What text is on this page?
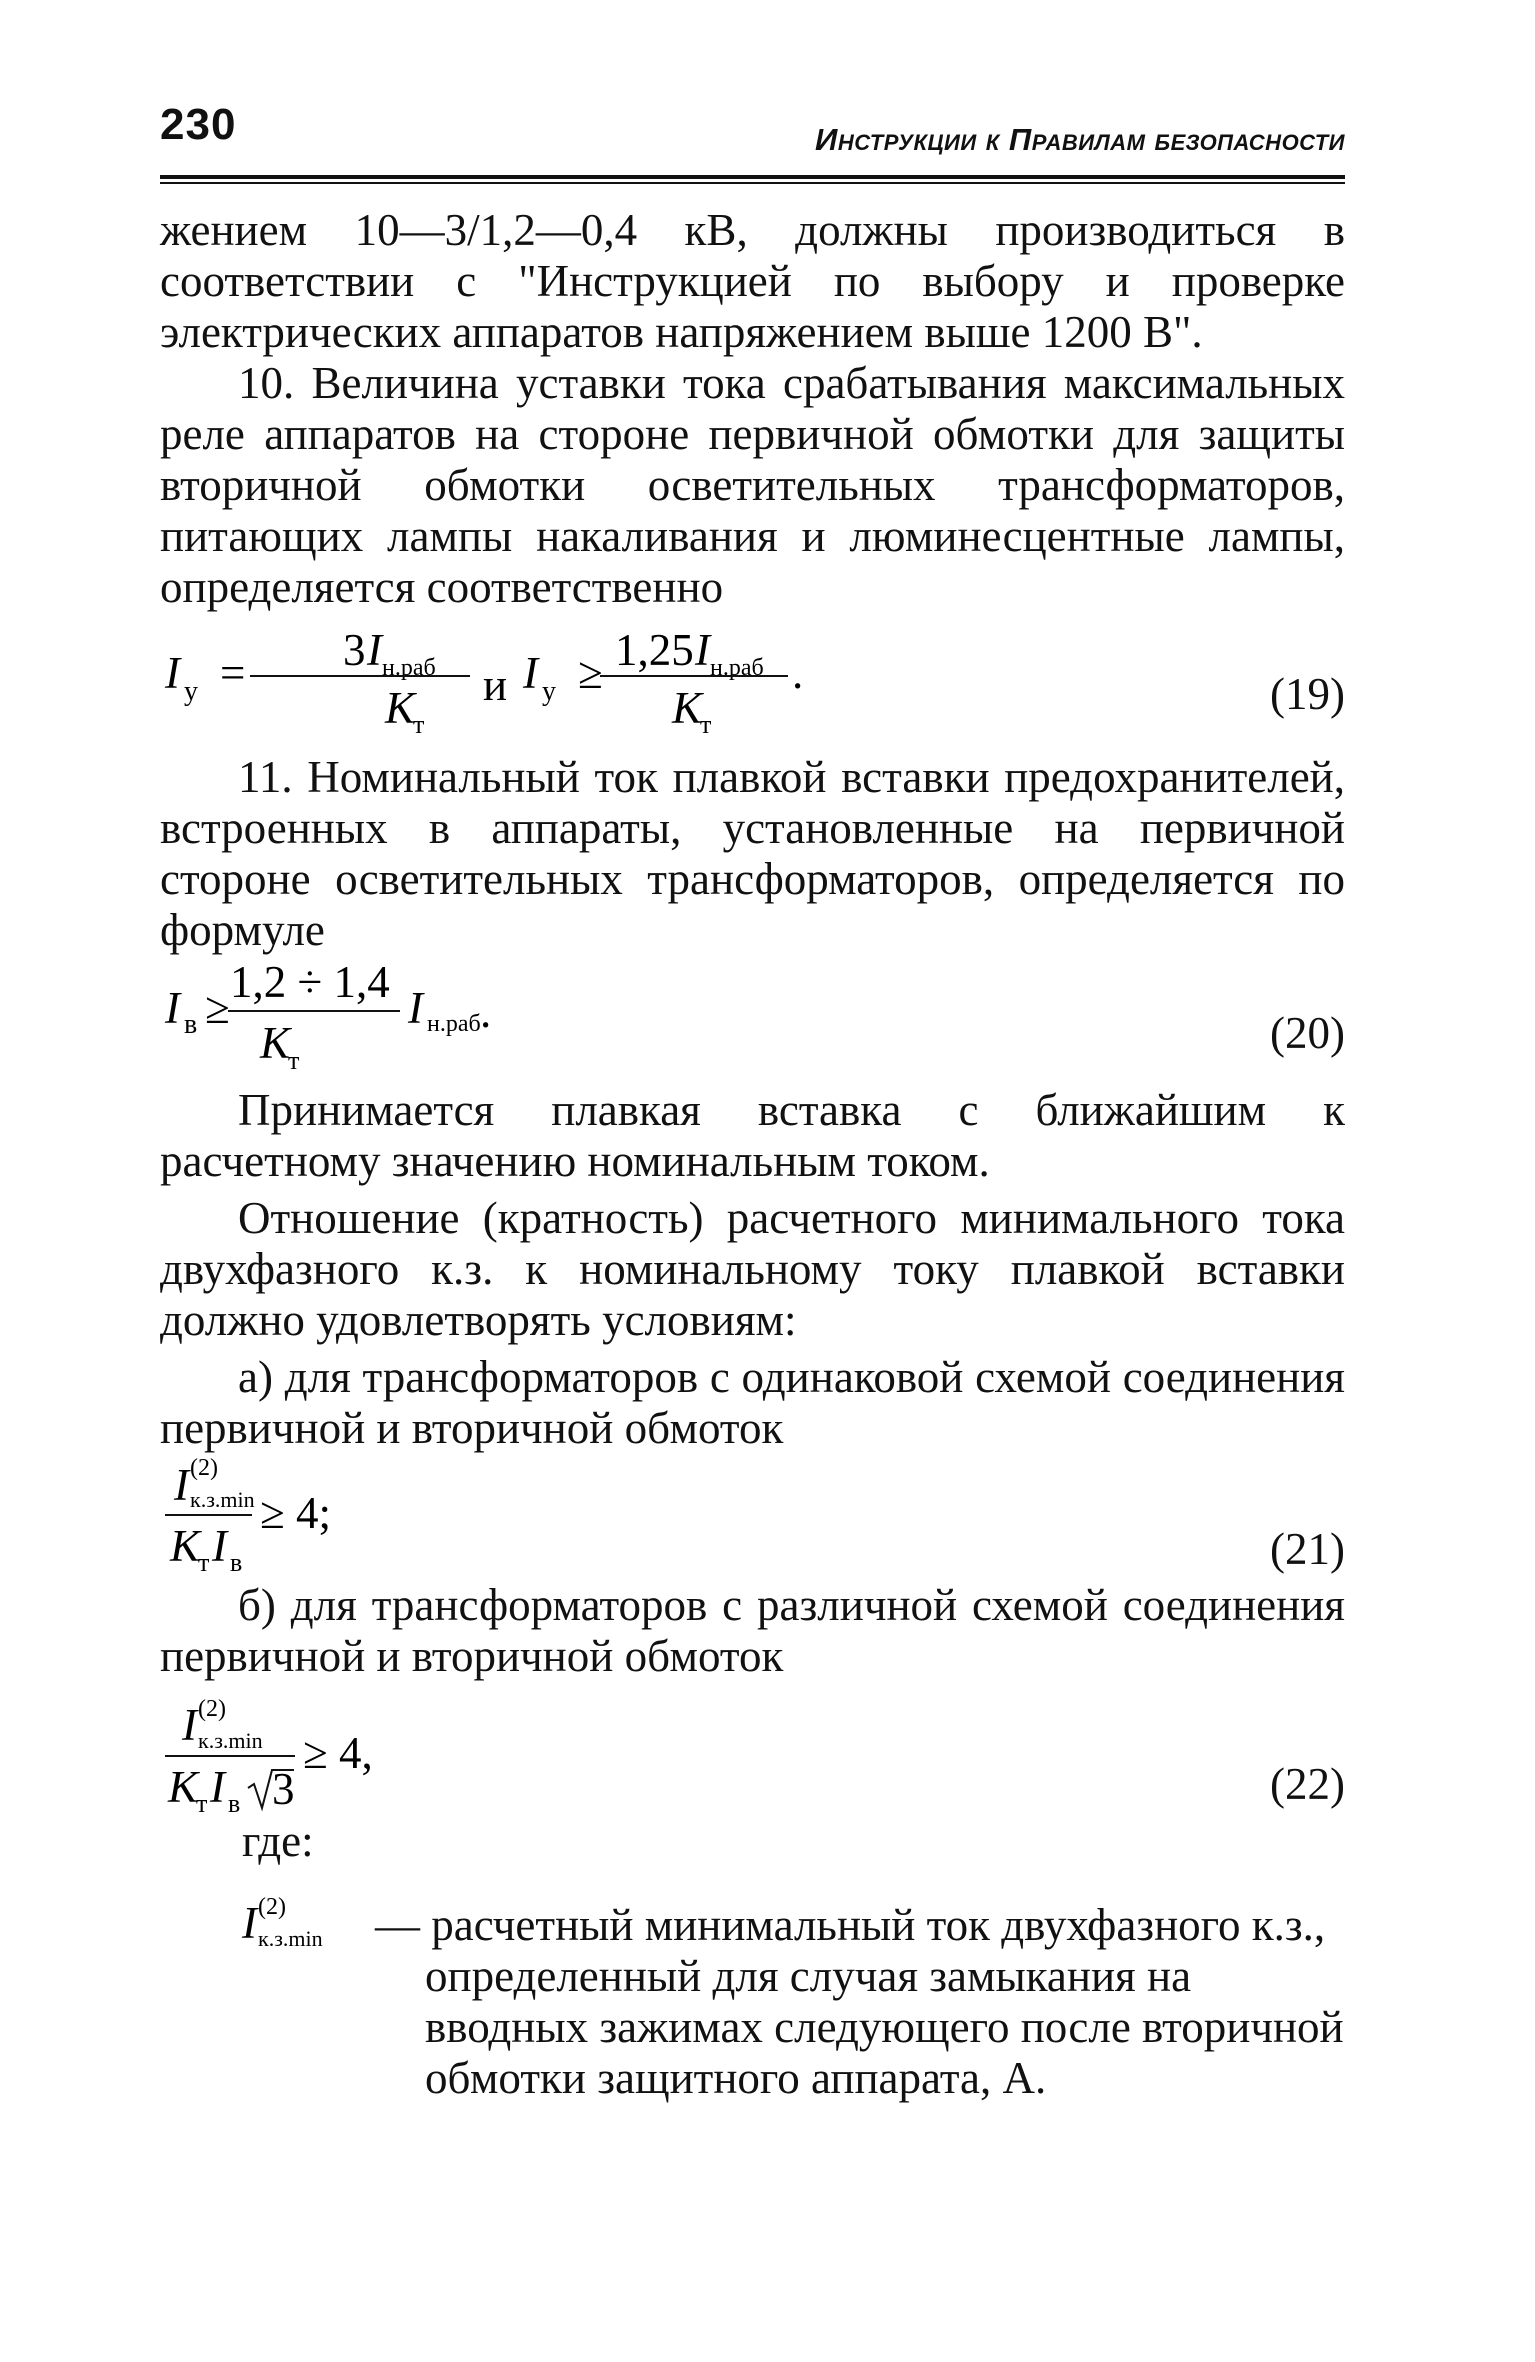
230	Инструкции к Правилам безопасности

жением 10—3/1,2—0,4 кВ, должны производиться в соответствии с "Инструкцией по выбору и проверке электрических аппаратов напряжением выше 1200 В".

10. Величина уставки тока срабатывания максимальных реле аппаратов на стороне первичной обмотки для защиты вторичной обмотки осветительных трансформаторов, питающих лампы накаливания и люминесцентные лампы, определяется соответственно

I у = 3 I н.раб
K
т
и I у ≥ 1,25 I н.раб .
K
т
(19)

11. Номинальный ток плавкой вставки предохранителей, встроенных в аппараты, установленные на первичной стороне осветительных трансформаторов, определяется по формуле

I в ≥
1,2 ÷ 1,4
K
т
I н.раб .	(20)

Принимается плавкая вставка с ближайшим к расчетному значению номинальным током.

Отношение (кратность) расчетного минимального тока двухфазного к.з. к номинальному току плавкой вставки должно удовлетворять условиям:

а) для трансформаторов с одинаковой схемой соединения первичной и вторичной обмоток

I (2)
к.з.min
K
т I в
≥ 4;
(21)

б) для трансформаторов с различной схемой соединения первичной и вторичной обмоток

I (2)
к.з.min
K
т I в 3
≥ 4,
(22)
где:
I (2)
к.з.min — расчетный минимальный ток двухфазного к.з., определенный для случая замыкания на вводных зажимах следующего после вторичной обмотки защитного аппарата, А.
